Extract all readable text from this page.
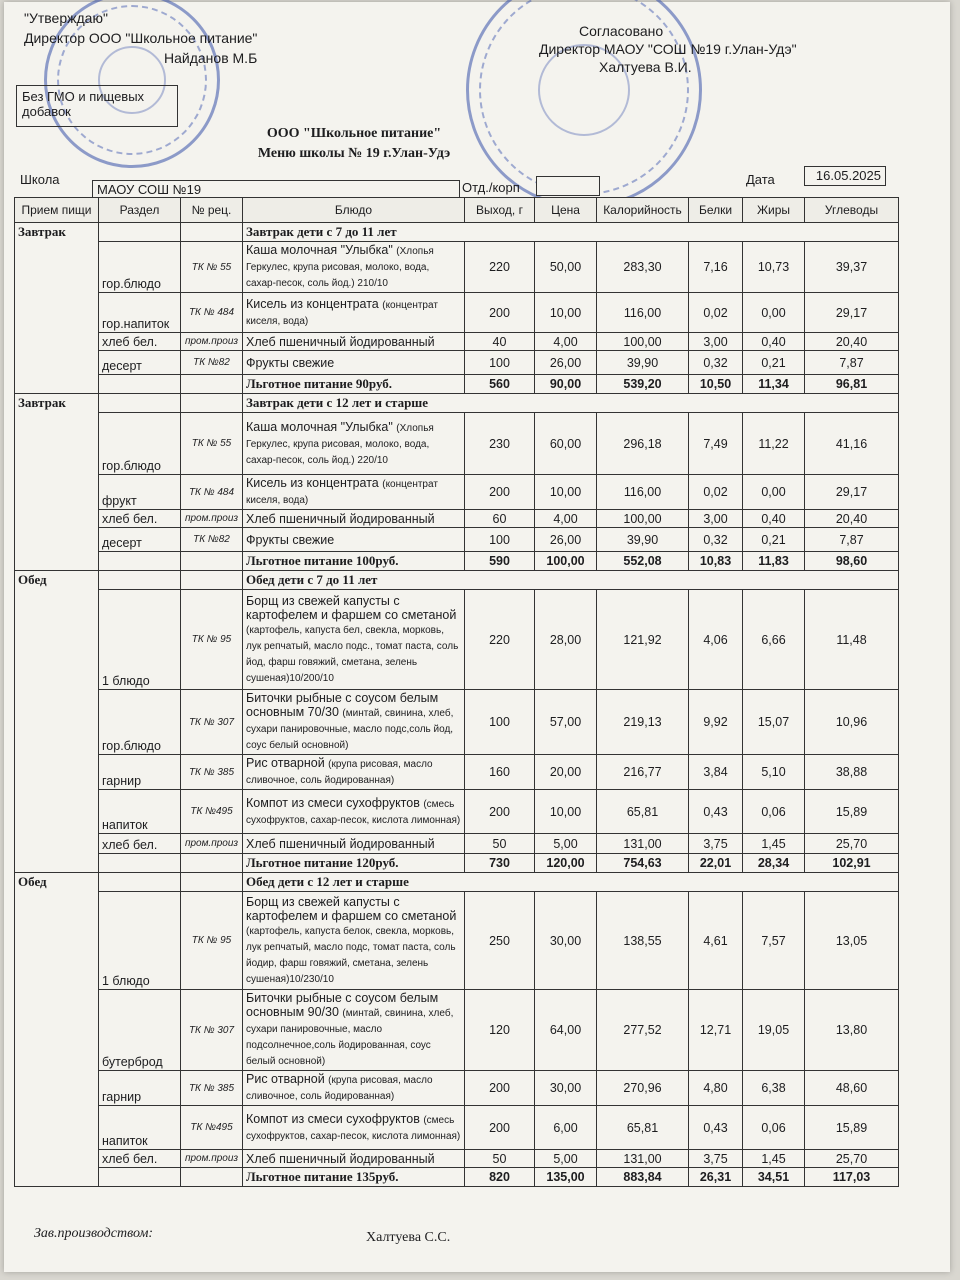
"Утверждаю"
Директор ООО "Школьное питание"
Найданов М.Б
Согласовано
Директор МАОУ "СОШ №19 г.Улан-Удэ"
Халтуева В.И.
Без ГМО и пищевых добавок
ООО "Школьное питание"
Меню школы № 19 г.Улан-Удэ
Школа
МАОУ СОШ №19	Отд./корп
Дата	16.05.2025
Прием пищи	Раздел	№ рец.	Блюдо	Выход, г	Цена	Калорийность	Белки	Жиры	Углеводы
Завтрак			Завтрак дети с 7 до 11 лет						
	гор.блюдо	ТК № 55	Каша молочная "Улыбка" (Хлопья Геркулес, крупа рисовая, молоко, вода, сахар-песок, соль йод.) 210/10	220	50,00	283,30	7,16	10,73	39,37
	гор.напиток	ТК № 484	Кисель из концентрата (концентрат киселя, вода)	200	10,00	116,00	0,02	0,00	29,17
	хлеб бел.	пром.произ	Хлеб пшеничный йодированный	40	4,00	100,00	3,00	0,40	20,40
	десерт	ТК №82	Фрукты свежие	100	26,00	39,90	0,32	0,21	7,87
			Льготное питание 90руб.	560	90,00	539,20	10,50	11,34	96,81
Завтрак			Завтрак дети с 12 лет и старше						
	гор.блюдо	ТК № 55	Каша молочная "Улыбка" (Хлопья Геркулес, крупа рисовая, молоко, вода, сахар-песок, соль йод.) 220/10	230	60,00	296,18	7,49	11,22	41,16
	фрукт	ТК № 484	Кисель из концентрата (концентрат киселя, вода)	200	10,00	116,00	0,02	0,00	29,17
	хлеб бел.	пром.произ	Хлеб пшеничный йодированный	60	4,00	100,00	3,00	0,40	20,40
	десерт	ТК №82	Фрукты свежие	100	26,00	39,90	0,32	0,21	7,87
			Льготное питание 100руб.	590	100,00	552,08	10,83	11,83	98,60
Обед			Обед дети с 7 до 11 лет						
	1 блюдо	ТК № 95	Борщ из свежей капусты с картофелем и фаршем со сметаной (картофель, капуста бел, свекла, морковь, лук репчатый, масло подс., томат паста, соль йод, фарш говяжий, сметана, зелень сушеная)10/200/10	220	28,00	121,92	4,06	6,66	11,48
	гор.блюдо	ТК № 307	Биточки рыбные с соусом белым основным 70/30 (минтай, свинина, хлеб, сухари панировочные, масло подс,соль йод, соус белый основной)	100	57,00	219,13	9,92	15,07	10,96
	гарнир	ТК № 385	Рис отварной (крупа рисовая, масло сливочное, соль йодированная)	160	20,00	216,77	3,84	5,10	38,88
	напиток	ТК №495	Компот из смеси сухофруктов (смесь сухофруктов, сахар-песок, кислота лимонная)	200	10,00	65,81	0,43	0,06	15,89
	хлеб бел.	пром.произ	Хлеб пшеничный йодированный	50	5,00	131,00	3,75	1,45	25,70
			Льготное питание 120руб.	730	120,00	754,63	22,01	28,34	102,91
Обед			Обед дети с 12 лет и старше						
	1 блюдо	ТК № 95	Борщ из свежей капусты с картофелем и фаршем со сметаной (картофель, капуста белок, свекла, морковь, лук репчатый, масло подс, томат паста, соль йодир, фарш говяжий, сметана, зелень сушеная)10/230/10	250	30,00	138,55	4,61	7,57	13,05
	бутерброд	ТК № 307	Биточки рыбные с соусом белым основным 90/30 (минтай, свинина, хлеб, сухари панировочные, масло подсолнечное,соль йодированная, соус белый основной)	120	64,00	277,52	12,71	19,05	13,80
	гарнир	ТК № 385	Рис отварной (крупа рисовая, масло сливочное, соль йодированная)	200	30,00	270,96	4,80	6,38	48,60
	напиток	ТК №495	Компот из смеси сухофруктов (смесь сухофруктов, сахар-песок, кислота лимонная)	200	6,00	65,81	0,43	0,06	15,89
	хлеб бел.	пром.произ	Хлеб пшеничный йодированный	50	5,00	131,00	3,75	1,45	25,70
			Льготное питание 135руб.	820	135,00	883,84	26,31	34,51	117,03
Зав.производством:	Халтуева С.С.
